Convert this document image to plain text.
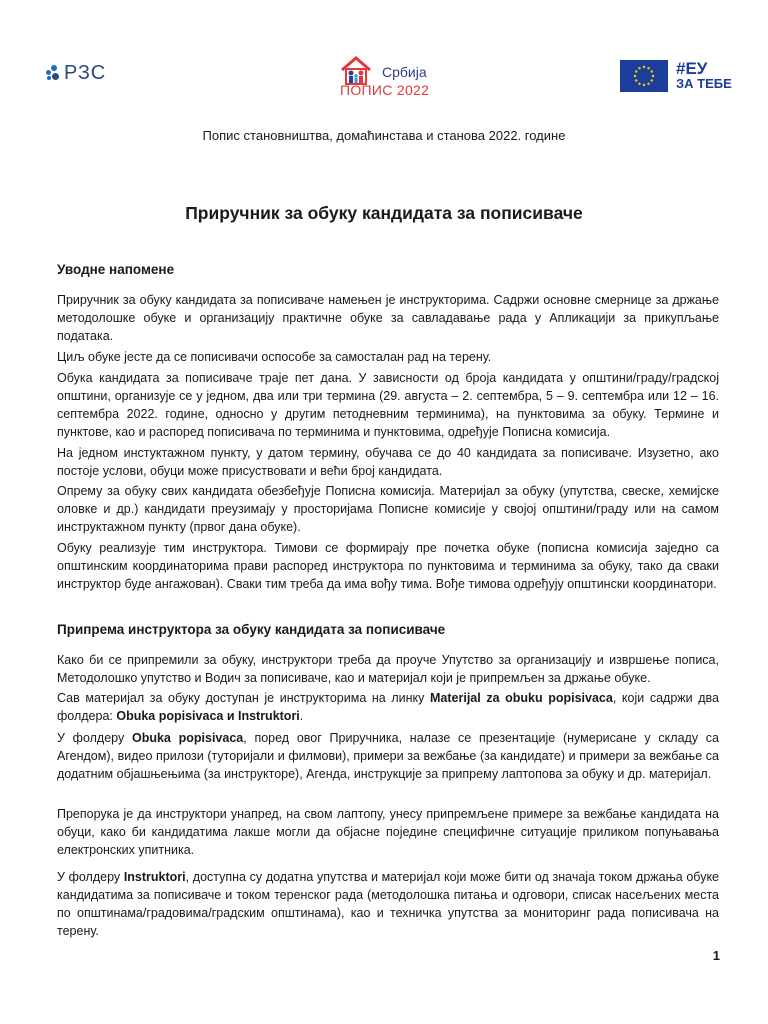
РЗС	Србија
ПОПИС 2022
#ЕУ
ЗА ТЕБЕ
Попис становништва, домаћинстава и станова 2022. године
Приручник за обуку кандидата за пописиваче
Уводне напомене

Приручник за обуку кандидата за пописиваче намењен је инструкторима. Садржи основне смернице за држање методолошке обуке и организацију практичне обуке за савладавање рада у Апликацији за прикупљање података.

Циљ обуке јесте да се пописивачи оспособе за самосталан рад на терену.

Обука кандидата за пописиваче траје пет дана. У зависности од броја кандидата у општини/граду/градској општини, организује се у једном, два или три термина (29. августа – 2. септембра, 5 – 9. септембра или 12 – 16. септембра 2022. године, односно у другим петодневним терминима), на пунктовима за обуку. Термине и пунктове, као и распоред пописивача по терминима и пунктовима, одређује Пописна комисија.

На једном инстуктажном пункту, у датом термину, обучава се до 40 кандидата за пописиваче. Изузетно, ако постоје услови, обуци може присуствовати и већи број кандидата.

Опрему за обуку свих кандидата обезбеђује Пописна комисија. Материјал за обуку (упутства, свеске, хемијске оловке и др.) кандидати преузимају у просторијама Пописне комисије у својој општини/граду или на самом инструктажном пункту (првог дана обуке).

Обуку реализује тим инструктора. Тимови се формирају пре почетка обуке (пописна комисија заједно са општинским координаторима прави распоред инструктора по пунктовима и терминима за обуку, тако да сваки инструктор буде ангажован). Сваки тим треба да има вођу тима. Вође тимова одређују општински координатори.

Припрема инструктора за обуку кандидата за пописиваче

Како би се припремили за обуку, инструктори треба да проуче Упутство за организацију и извршење пописа, Методолошко упутство и Водич за пописиваче, као и материјал који је припремљен за држање обуке.

Сав материјал за обуку доступан је инструкторима на линку Materijal za obuku popisivaca, који садржи два фолдера: Obuka popisivaca и Instruktori.

У фолдеру Obuka popisivaca, поред овог Приручника, налазе се презентације (нумерисане у складу са Агендом), видео прилози (туторијали и филмови), примери за вежбање (за кандидате) и примери за вежбање са додатним објашњењима (за инструкторе), Агенда, инструкције за припрему лаптопова за обуку и др. материјал.

Препорука је да инструктори унапред, на свом лаптопу, унесу припремљене примере за вежбање кандидата на обуци, како би кандидатима лакше могли да објасне поједине специфичне ситуације приликом попуњавања електронских упитника.

У фолдеру Instruktori, доступна су додатна упутства и материјал који може бити од значаја током држања обуке кандидатима за пописиваче и током теренског рада (методолошка питања и одговори, списак насељених места по општинама/градовима/градским општинама), као и техничка упутства за мониторинг рада пописивача на терену.

1
